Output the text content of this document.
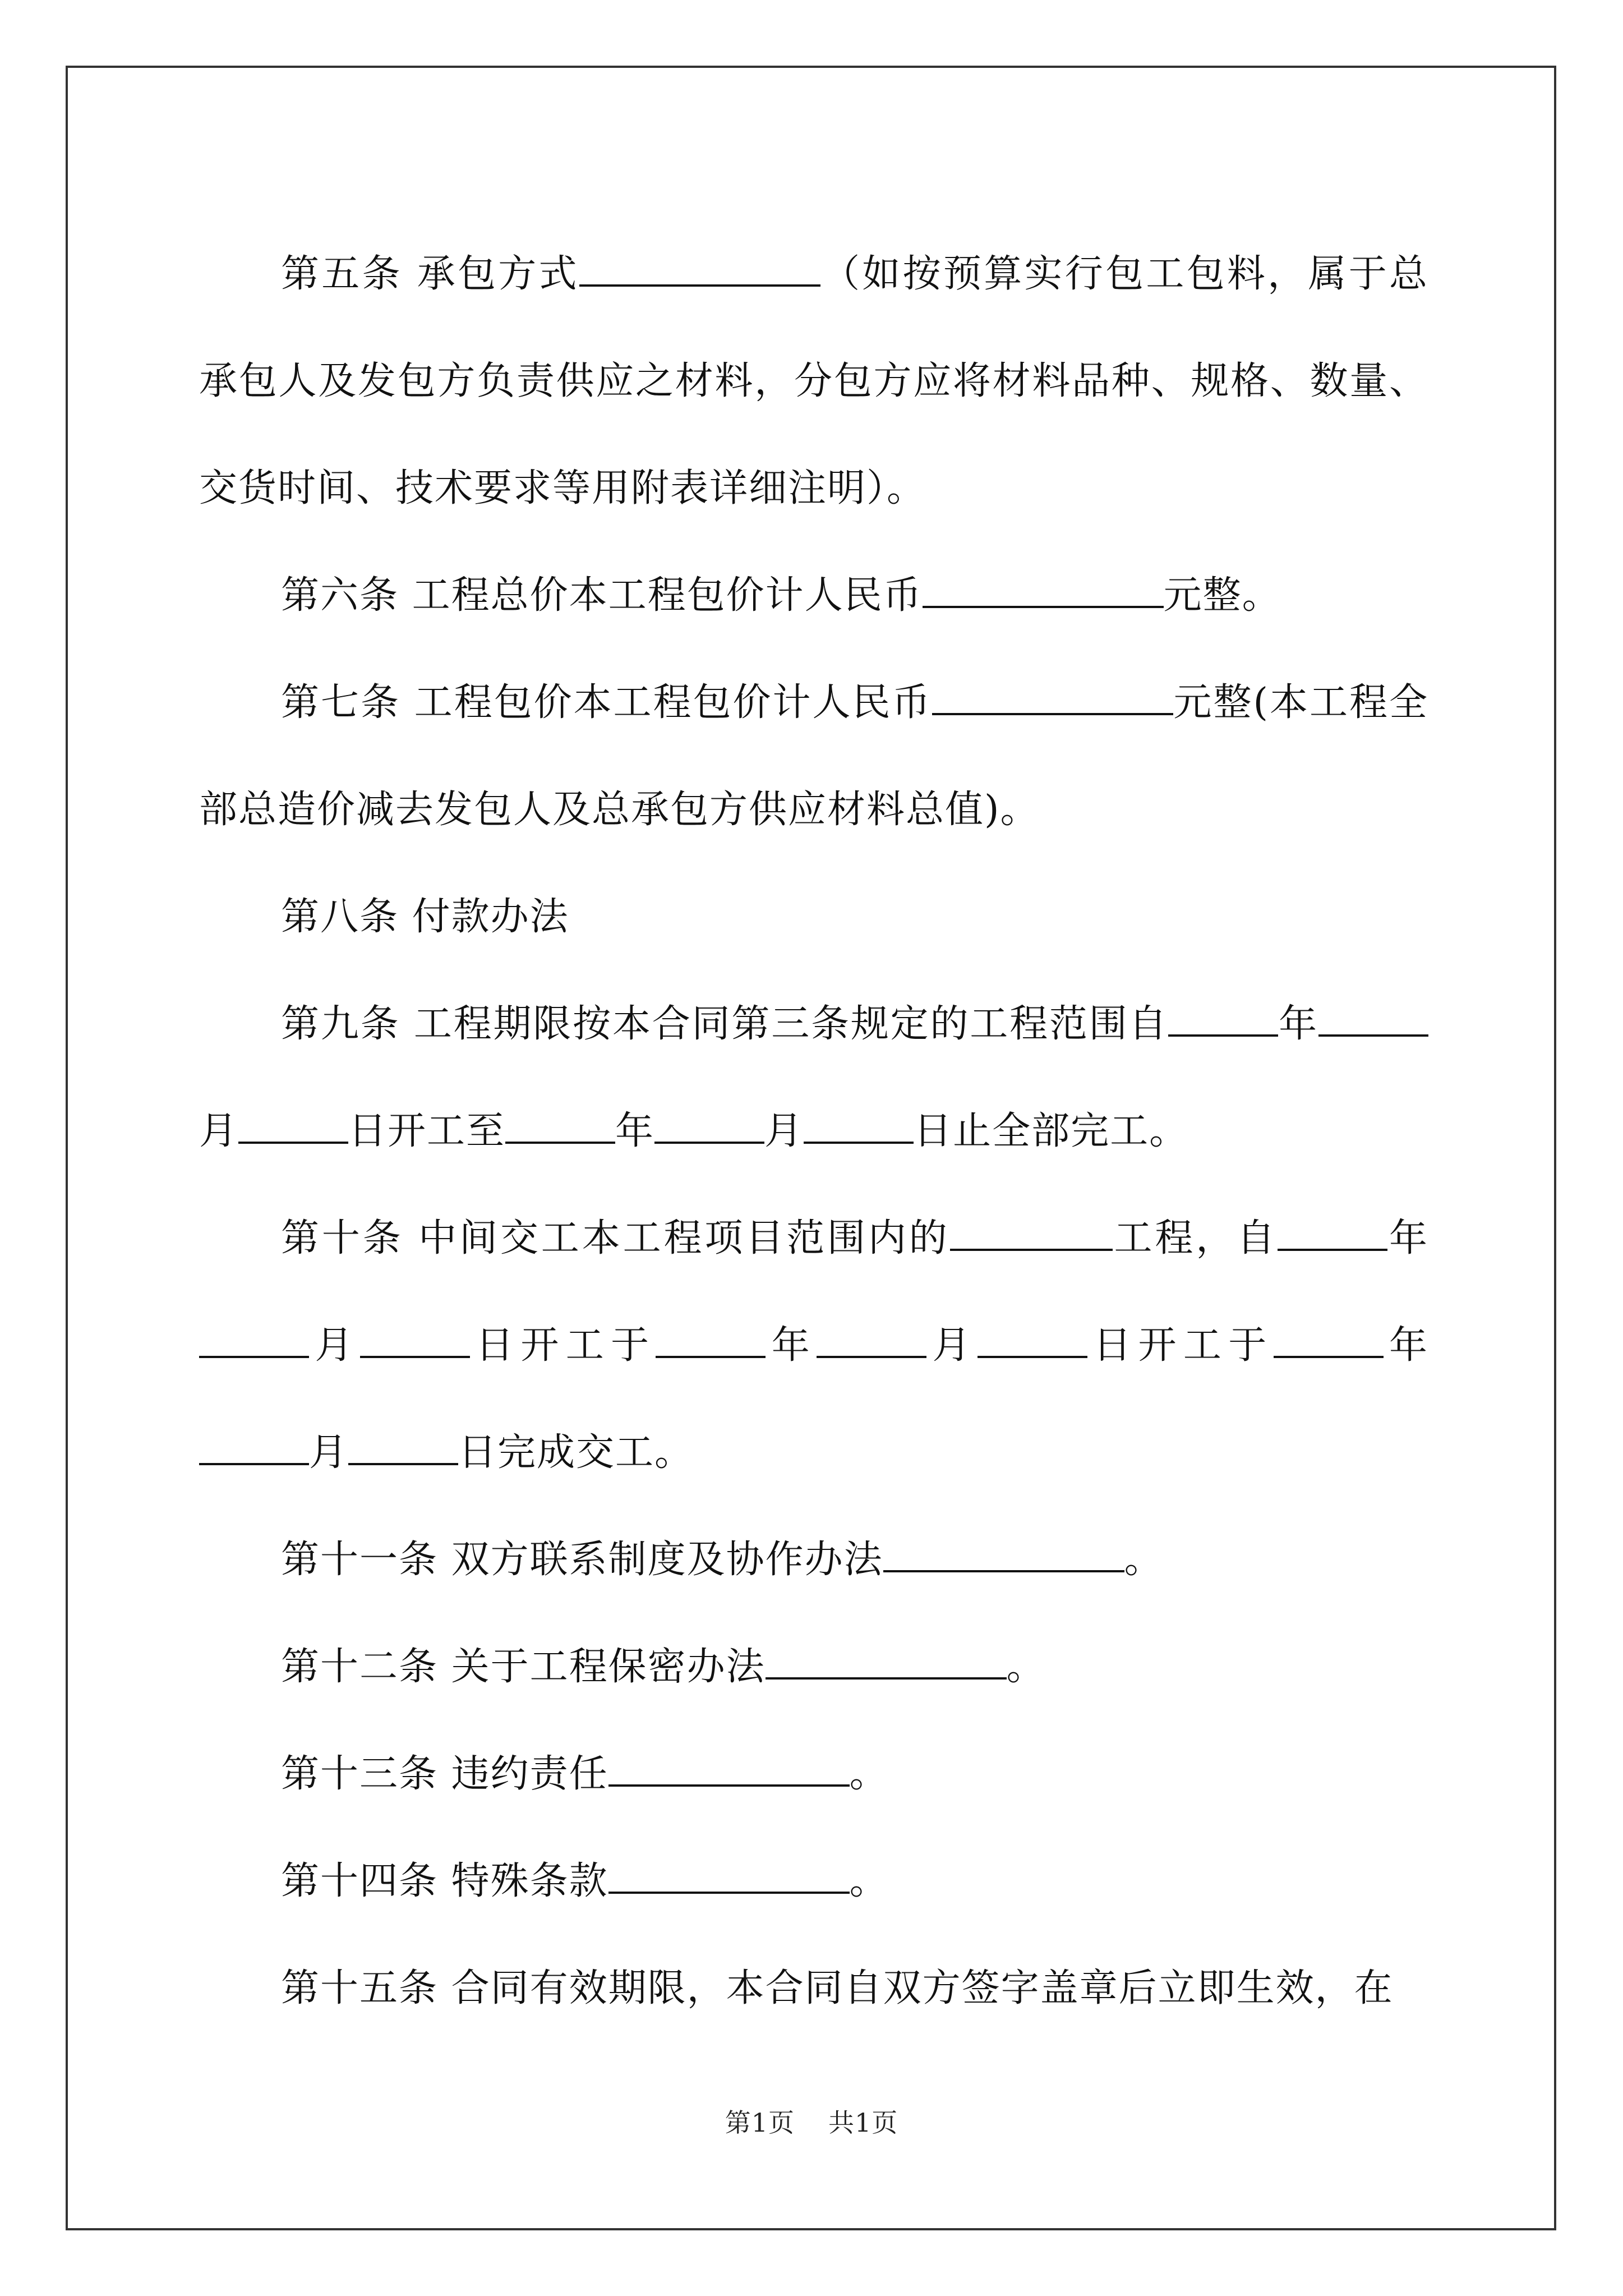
第五条 承包方式	（如按预算实行包工包料，属于总承包人及发包方负责供应之材料，分包方应将材料品种、规格、数量、交货时间、技术要求等用附表详细注明）。

第六条 工程总价本工程包价计人民币	元整。

第七条 工程包价本工程包价计人民币	元整(本工程全部总造价减去发包人及总承包方供应材料总值)。

第八条 付款办法

第九条 工程期限按本合同第三条规定的工程范围自	年月	日开工至	年	月	日止全部完工。

第十条 中间交工本工程项目范围内的	工程，自	年月	日开工于	年	月	日开工于	年月	日完成交工。

第十一条 双方联系制度及协作办法	。

第十二条 关于工程保密办法	。

第十三条 违约责任	。

第十四条 特殊条款	。

第十五条 合同有效期限，本合同自双方签字盖章后立即生效，在

第1页 共1页
